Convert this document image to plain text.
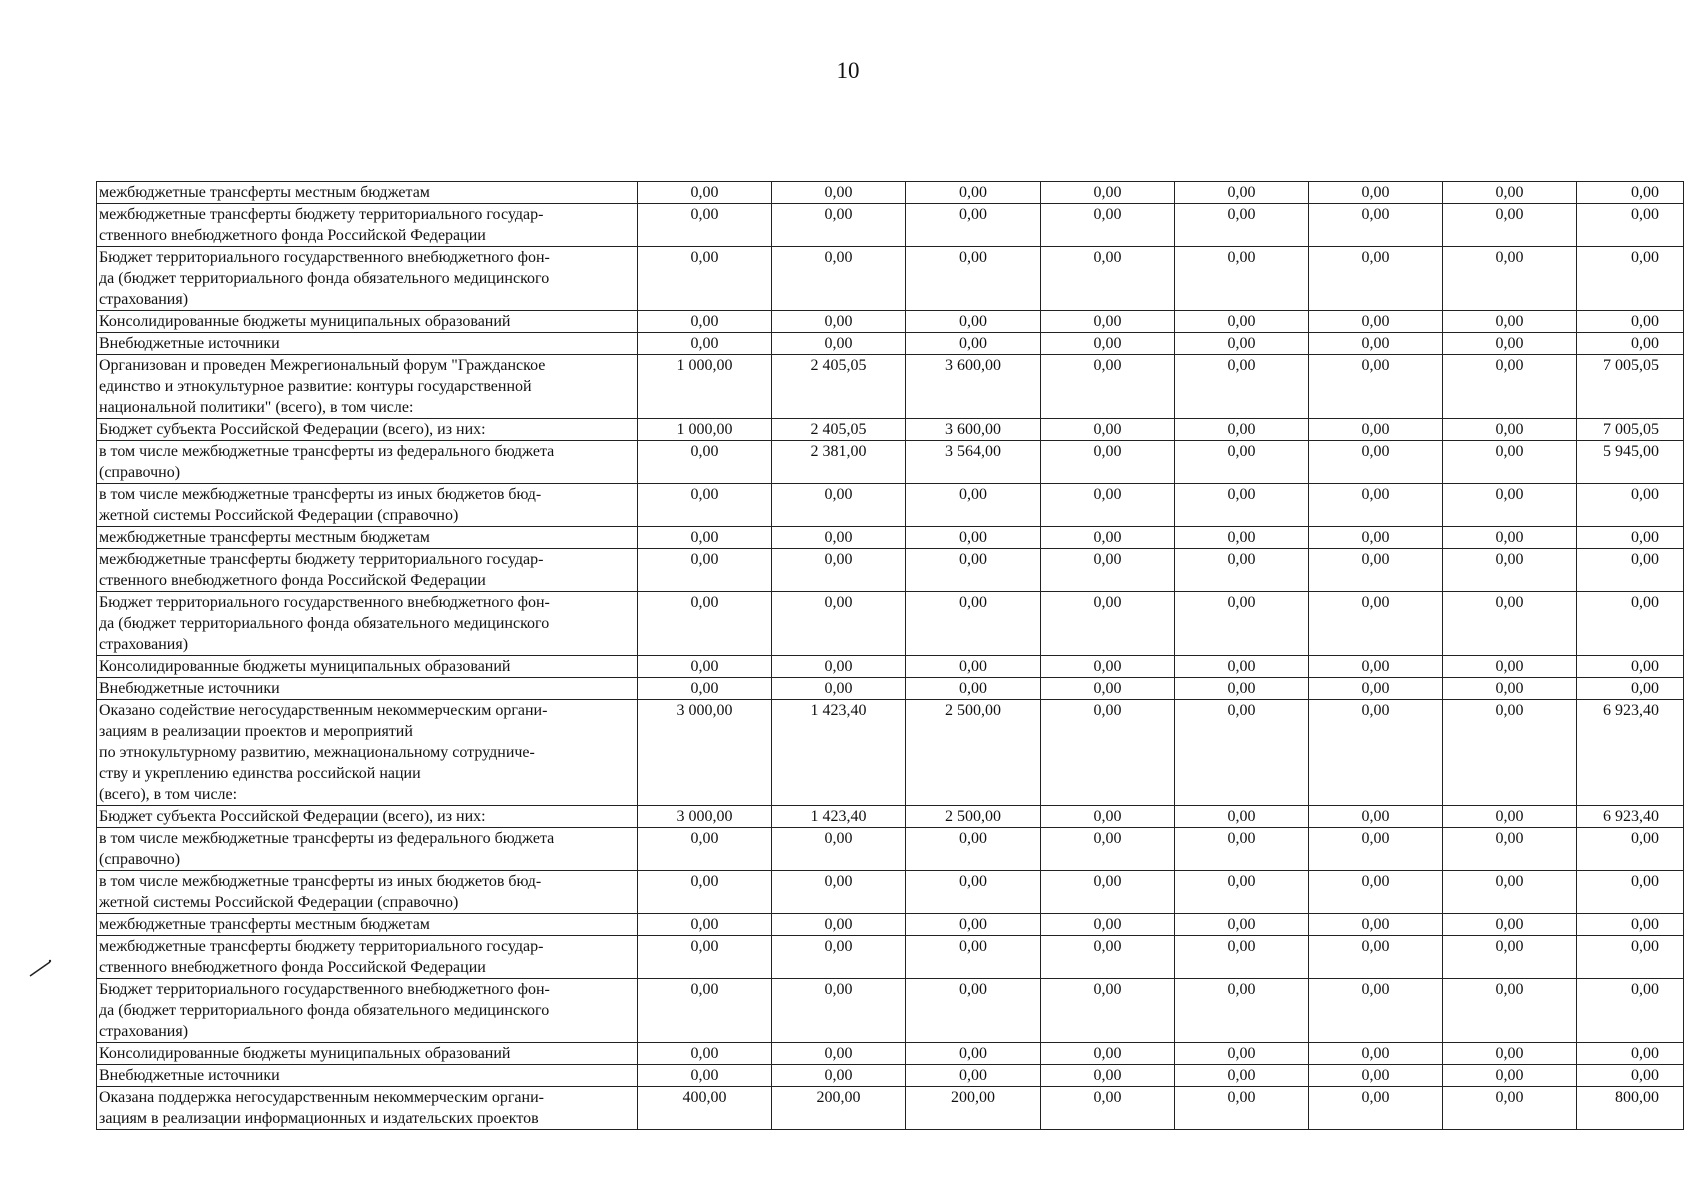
10
межбюджетные трансферты местным бюджетам	0,00	0,00	0,00	0,00	0,00	0,00	0,00	0,00
межбюджетные трансферты бюджету территориального государ-
ственного внебюджетного фонда Российской Федерации	0,00	0,00	0,00	0,00	0,00	0,00	0,00	0,00
Бюджет территориального государственного внебюджетного фон-
да (бюджет территориального фонда обязательного медицинского
страхования)	0,00	0,00	0,00	0,00	0,00	0,00	0,00	0,00
Консолидированные бюджеты муниципальных образований	0,00	0,00	0,00	0,00	0,00	0,00	0,00	0,00
Внебюджетные источники	0,00	0,00	0,00	0,00	0,00	0,00	0,00	0,00
Организован и проведен Межрегиональный форум "Гражданское
единство и этнокультурное развитие: контуры государственной
национальной политики" (всего), в том числе:	1 000,00	2 405,05	3 600,00	0,00	0,00	0,00	0,00	7 005,05
Бюджет субъекта Российской Федерации (всего), из них:	1 000,00	2 405,05	3 600,00	0,00	0,00	0,00	0,00	7 005,05
в том числе межбюджетные трансферты из федерального бюджета
(справочно)	0,00	2 381,00	3 564,00	0,00	0,00	0,00	0,00	5 945,00
в том числе межбюджетные трансферты из иных бюджетов бюд-
жетной системы Российской Федерации (справочно)	0,00	0,00	0,00	0,00	0,00	0,00	0,00	0,00
межбюджетные трансферты местным бюджетам	0,00	0,00	0,00	0,00	0,00	0,00	0,00	0,00
межбюджетные трансферты бюджету территориального государ-
ственного внебюджетного фонда Российской Федерации	0,00	0,00	0,00	0,00	0,00	0,00	0,00	0,00
Бюджет территориального государственного внебюджетного фон-
да (бюджет территориального фонда обязательного медицинского
страхования)	0,00	0,00	0,00	0,00	0,00	0,00	0,00	0,00
Консолидированные бюджеты муниципальных образований	0,00	0,00	0,00	0,00	0,00	0,00	0,00	0,00
Внебюджетные источники	0,00	0,00	0,00	0,00	0,00	0,00	0,00	0,00
Оказано содействие негосударственным некоммерческим органи-
зациям в реализации проектов и мероприятий
по этнокультурному развитию, межнациональному сотрудниче-
ству и укреплению единства российской нации
(всего), в том числе:	3 000,00	1 423,40	2 500,00	0,00	0,00	0,00	0,00	6 923,40
Бюджет субъекта Российской Федерации (всего), из них:	3 000,00	1 423,40	2 500,00	0,00	0,00	0,00	0,00	6 923,40
в том числе межбюджетные трансферты из федерального бюджета
(справочно)	0,00	0,00	0,00	0,00	0,00	0,00	0,00	0,00
в том числе межбюджетные трансферты из иных бюджетов бюд-
жетной системы Российской Федерации (справочно)	0,00	0,00	0,00	0,00	0,00	0,00	0,00	0,00
межбюджетные трансферты местным бюджетам	0,00	0,00	0,00	0,00	0,00	0,00	0,00	0,00
межбюджетные трансферты бюджету территориального государ-
ственного внебюджетного фонда Российской Федерации	0,00	0,00	0,00	0,00	0,00	0,00	0,00	0,00
Бюджет территориального государственного внебюджетного фон-
да (бюджет территориального фонда обязательного медицинского
страхования)	0,00	0,00	0,00	0,00	0,00	0,00	0,00	0,00
Консолидированные бюджеты муниципальных образований	0,00	0,00	0,00	0,00	0,00	0,00	0,00	0,00
Внебюджетные источники	0,00	0,00	0,00	0,00	0,00	0,00	0,00	0,00
Оказана поддержка негосударственным некоммерческим органи-
зациям в реализации информационных и издательских проектов	400,00	200,00	200,00	0,00	0,00	0,00	0,00	800,00
